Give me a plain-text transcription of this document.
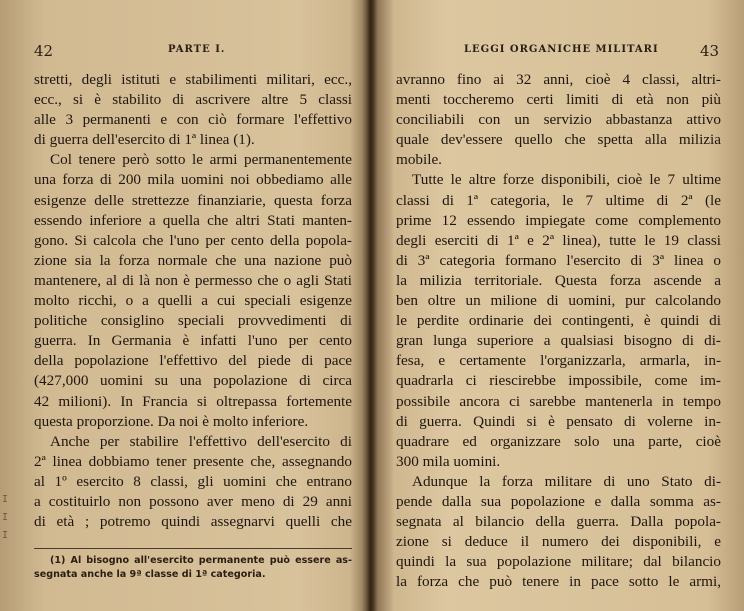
42	PARTE I.
stretti, degli istituti e stabilimenti militari, ecc.,
ecc., si è stabilito di ascrivere altre 5 classi
alle 3 permanenti e con ciò formare l'effettivo
di guerra dell'esercito di 1ª linea (1).
Col tenere però sotto le armi permanentemente
una forza di 200 mila uomini noi obbediamo alle
esigenze delle strettezze finanziarie, questa forza
essendo inferiore a quella che altri Stati manten-
gono. Si calcola che l'uno per cento della popola-
zione sia la forza normale che una nazione può
mantenere, al di là non è permesso che o agli Stati
molto ricchi, o a quelli a cui speciali esigenze
politiche consiglino speciali provvedimenti di
guerra. In Germania è infatti l'uno per cento
della popolazione l'effettivo del piede di pace
(427,000 uomini su una popolazione di circa
42 milioni). In Francia si oltrepassa fortemente
questa proporzione. Da noi è molto inferiore.
Anche per stabilire l'effettivo dell'esercito di
2ª linea dobbiamo tener presente che, assegnando
al 1º esercito 8 classi, gli uomini che entrano
a costituirlo non possono aver meno di 29 anni
di età ; potremo quindi assegnarvi quelli che
(1) Al bisogno all'esercito permanente può essere as-
segnata anche la 9ª classe di 1ª categoria.
I
I
I
LEGGI ORGANICHE MILITARI	43
avranno fino ai 32 anni, cioè 4 classi, altri-
menti toccheremo certi limiti di età non più
conciliabili con un servizio abbastanza attivo
quale dev'essere quello che spetta alla milizia
mobile.
Tutte le altre forze disponibili, cioè le 7 ultime
classi di 1ª categoria, le 7 ultime di 2ª (le
prime 12 essendo impiegate come complemento
degli eserciti di 1ª e 2ª linea), tutte le 19 classi
di 3ª categoria formano l'esercito di 3ª linea o
la milizia territoriale. Questa forza ascende a
ben oltre un milione di uomini, pur calcolando
le perdite ordinarie dei contingenti, è quindi di
gran lunga superiore a qualsiasi bisogno di di-
fesa, e certamente l'organizzarla, armarla, in-
quadrarla ci riescirebbe impossibile, come im-
possibile ancora ci sarebbe mantenerla in tempo
di guerra. Quindi si è pensato di volerne in-
quadrare ed organizzare solo una parte, cioè
300 mila uomini.
Adunque la forza militare di uno Stato di-
pende dalla sua popolazione e dalla somma as-
segnata al bilancio della guerra. Dalla popola-
zione si deduce il numero dei disponibili, e
quindi la sua popolazione militare; dal bilancio
la forza che può tenere in pace sotto le armi,
